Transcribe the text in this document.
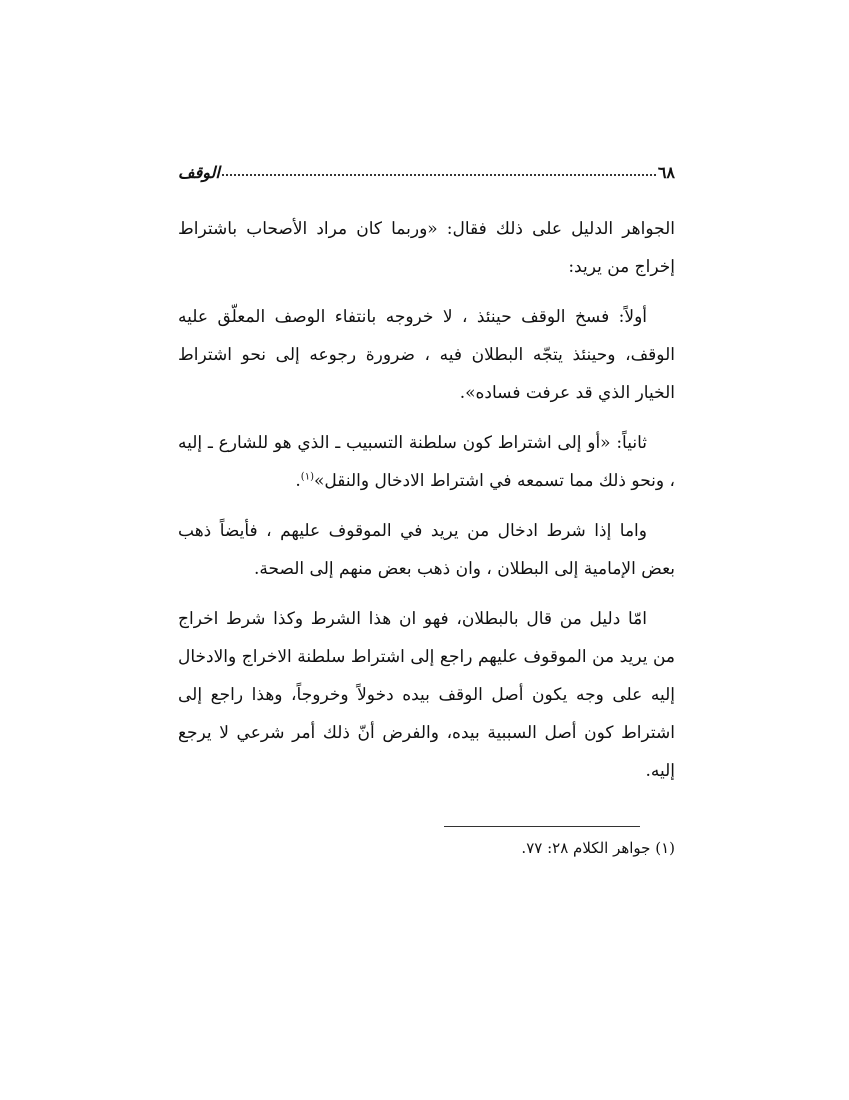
٦٨
الوقف

الجواهر الدليل على ذلك فقال: «وربما كان مراد الأصحاب باشتراط إخراج من يريد:

أولاً: فسخ الوقف حينئذ ، لا خروجه بانتفاء الوصف المعلّق عليه الوقف، وحينئذ يتجّه البطلان فيه ، ضرورة رجوعه إلى نحو اشتراط الخيار الذي قد عرفت فساده».

ثانياً: «أو إلى اشتراط كون سلطنة التسبيب ـ الذي هو للشارع ـ إليه ، ونحو ذلك مما تسمعه في اشتراط الادخال والنقل»$^{(١)}$.

واما إذا شرط ادخال من يريد في الموقوف عليهم ، فأيضاً ذهب بعض الإمامية إلى البطلان ، وان ذهب بعض منهم إلى الصحة.

امّا دليل من قال بالبطلان، فهو ان هذا الشرط وكذا شرط اخراج من يريد من الموقوف عليهم راجع إلى اشتراط سلطنة الاخراج والادخال إليه على وجه يكون أصل الوقف بيده دخولاً وخروجاً، وهذا راجع إلى اشتراط كون أصل السببية بيده، والفرض أنّ ذلك أمر شرعي لا يرجع إليه.

(١) جواهر الكلام ٢٨: ٧٧.
